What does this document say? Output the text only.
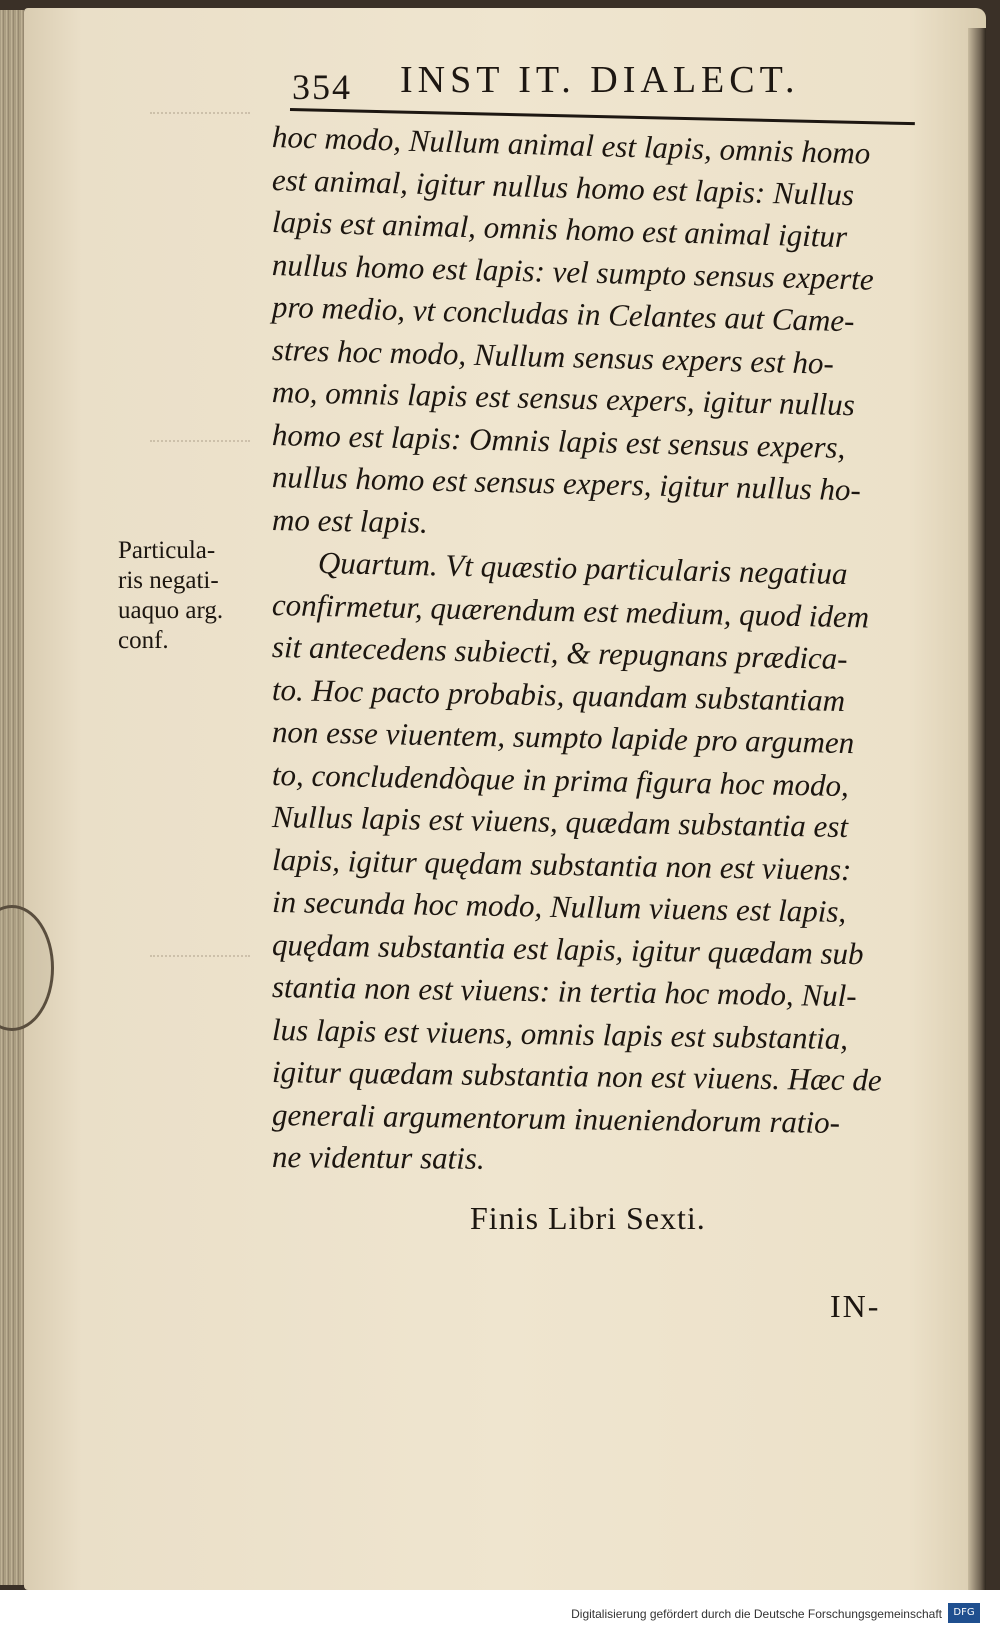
354 INST IT. DIALECT.
hoc modo, Nullum animal est lapis, omnis homo
est animal, igitur nullus homo est lapis: Nullus
lapis est animal, omnis homo est animal igitur
nullus homo est lapis: vel sumpto sensus experte
pro medio, vt concludas in Celantes aut Came-
stres hoc modo, Nullum sensus expers est ho-
mo, omnis lapis est sensus expers, igitur nullus
homo est lapis: Omnis lapis est sensus expers,
nullus homo est sensus expers, igitur nullus ho-
mo est lapis.
Quartum. Vt quæstio particularis negatiua
confirmetur, quærendum est medium, quod idem
sit antecedens subiecti, & repugnans prædica-
to. Hoc pacto probabis, quandam substantiam
non esse viuentem, sumpto lapide pro argumen
to, concludendòque in prima figura hoc modo,
Nullus lapis est viuens, quædam substantia est
lapis, igitur quędam substantia non est viuens:
in secunda hoc modo, Nullum viuens est lapis,
quędam substantia est lapis, igitur quædam sub
stantia non est viuens: in tertia hoc modo, Nul-
lus lapis est viuens, omnis lapis est substantia,
igitur quædam substantia non est viuens. Hæc de
generali argumentorum inueniendorum ratio-
ne videntur satis.
Particula-
ris negati-
uaquo arg.
conf.
Finis Libri Sexti.
IN-
Digitalisierung gefördert durch die Deutsche Forschungsgemeinschaft	DFG
